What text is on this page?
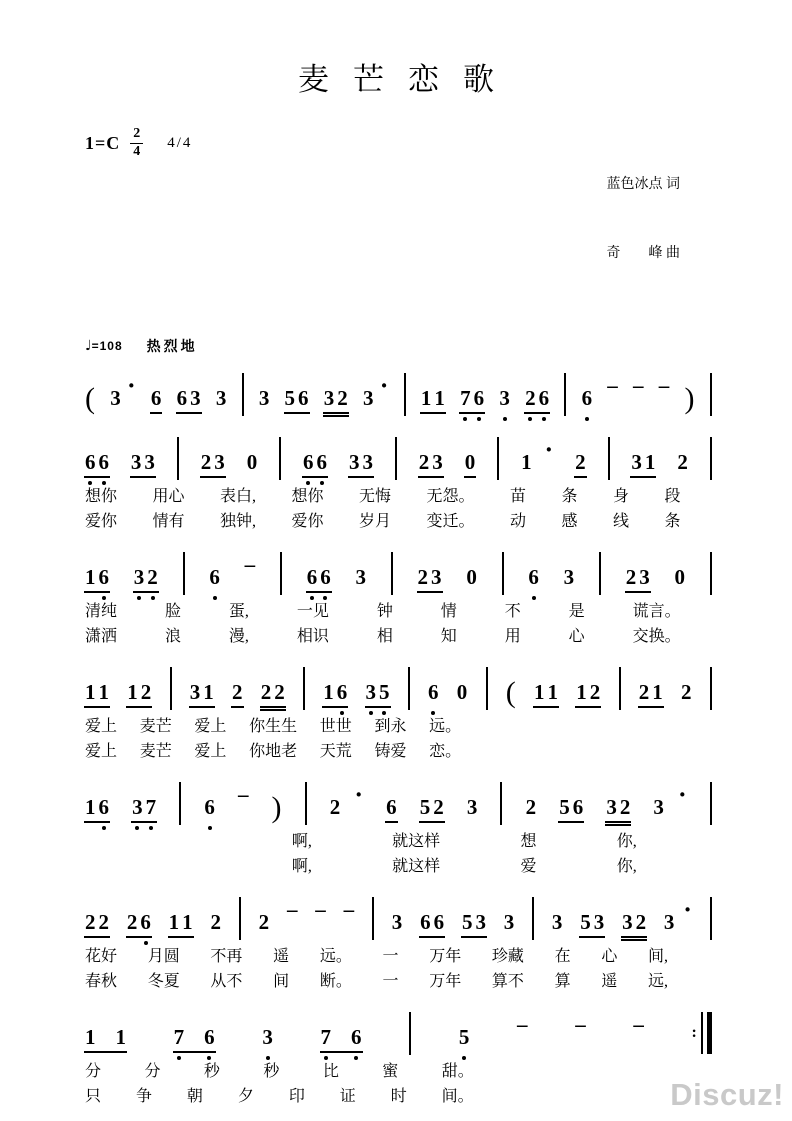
麦芒恋歌
$1=C \frac{2}{4} 4/4$

蓝色冰点 词

奇　　峰 曲

♩ =108 热烈地
( 3 · 6 6 3 3 3 5 6 3 2 3 · 1 1 7 6 3 2 6 6
– – – )
6 6 3 3 2 3 0 6 6 3 3 2 3 0 1 · 2 3 1 2
想你 用心 表白, 想你 无悔 无怨。 苗 条 身 段
爱你 情有 独钟, 爱你 岁月 变迁。 动 感 线 条
1 6 3 2 6
–
6 6 3 2 3 0 6 3 2 3 0
清纯	脸	蛋,	一见	钟	情	不	是	谎言。
潇洒	浪	漫,	相识	相	知	用	心	交换。
1 1 1 2 3 1 2 2 2 1 6 3 5 6 0 ( 1 1 1 2 2 1 2
爱上 麦芒 爱上 你生生 世世 到永 远。
爱上 麦芒 爱上 你地老 天荒 铸爱 恋。
1 6 3 7 6
– ) 2 · 6 5 2 3 2 5 6 3 2 3 ·
啊,	就这样	想	你,
啊,	就这样	爱	你,
2 2 2 6 1 1 2 2
– – –
3 6 6 5 3 3 3 5 3 3 2 3 ·
花好 月圆 不再 遥 远。 一 万年 珍藏 在 心 间,
春秋 冬夏 从不 间 断。 一 万年 算不 算 遥 远,
1 1 7 6 3 7 6	5
– – –	:
分	分	秒	秒	比	蜜	甜。
只 争 朝 夕 印 证 时 间。	Discuz!
